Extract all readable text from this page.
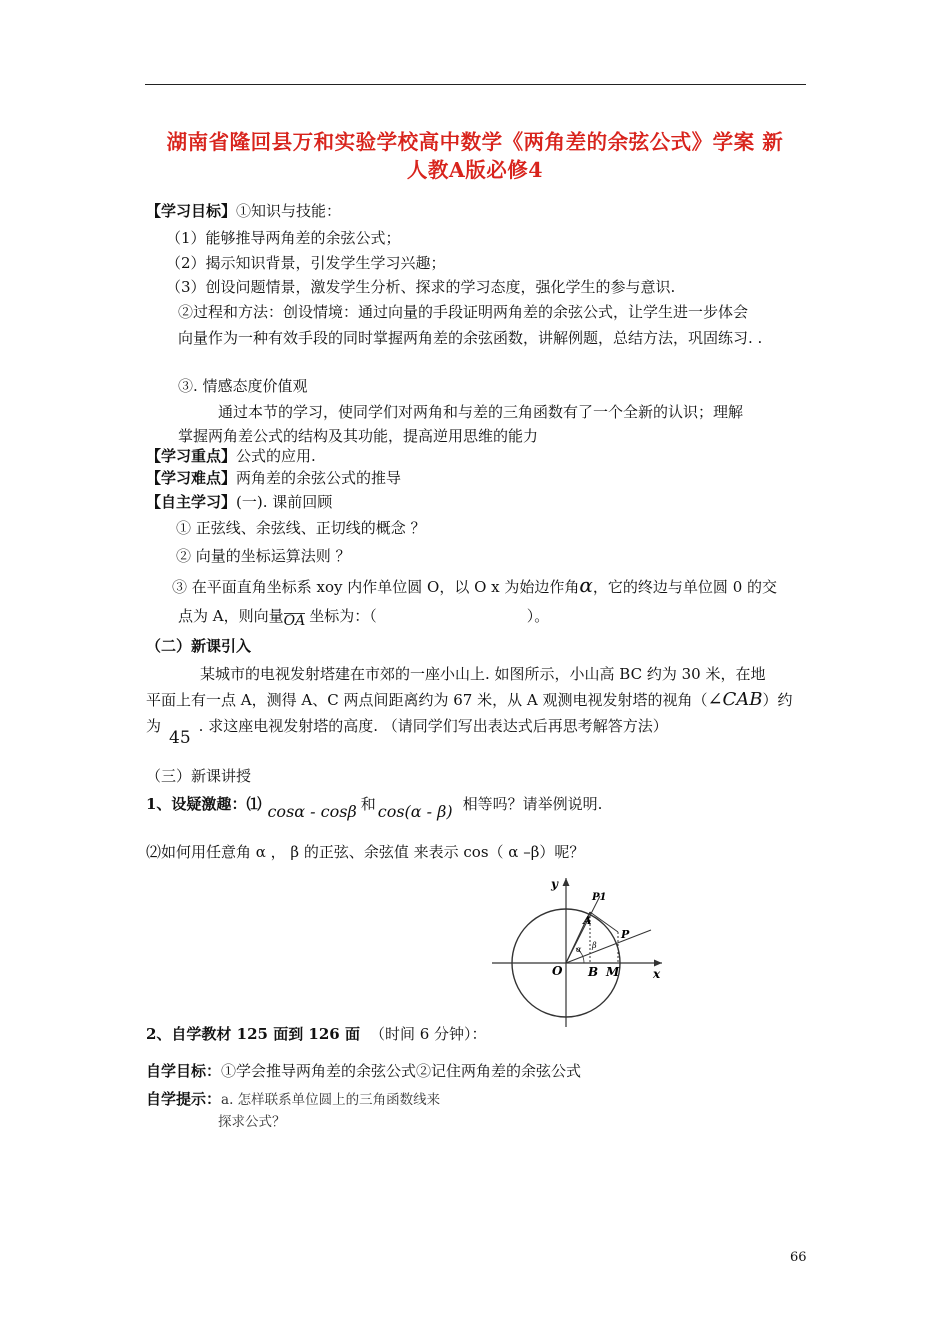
湖南省隆回县万和实验学校高中数学《两角差的余弦公式》学案 新
人教A版必修4
【学习目标】①知识与技能：
（1）能够推导两角差的余弦公式；
（2）揭示知识背景，引发学生学习兴趣；
（3）创设问题情景，激发学生分析、探求的学习态度，强化学生的参与意识.
②过程和方法：创设情境：通过向量的手段证明两角差的余弦公式，让学生进一步体会
向量作为一种有效手段的同时掌握两角差的余弦函数，讲解例题，总结方法，巩固练习. .
③. 情感态度价值观
通过本节的学习，使同学们对两角和与差的三角函数有了一个全新的认识；理解
掌握两角差公式的结构及其功能，提高逆用思维的能力
【学习重点】公式的应用.
【学习难点】两角差的余弦公式的推导
【自主学习】(一). 课前回顾
① 正弦线、余弦线、正切线的概念 ？
② 向量的坐标运算法则 ？
③ 在平面直角坐标系 xoy 内作单位圆 O，以 O x 为始边作角α，它的终边与单位圆 0 的交
点为 A，则向量OA 坐标为：（	）。
（二）新课引入
某城市的电视发射塔建在市郊的一座小山上. 如图所示，小山高 BC 约为 30 米，在地
平面上有一点 A，测得 A、C 两点间距离约为 67 米，从 A 观测电视发射塔的视角（∠CAB）约
为45. 求这座电视发射塔的高度. （请同学们写出表达式后再思考解答方法）
（三）新课讲授
1、设疑激趣：⑴ cosα - cosβ 和 cos(α - β) 相等吗？请举例说明.
⑵如何用任意角 α ， β 的正弦、余弦值 来表示 cos（ α –β）呢？
y
x
O
A
B M
P
P1
α β
2、自学教材 125 面到 126 面 （时间 6 分钟）：
自学目标：①学会推导两角差的余弦公式②记住两角差的余弦公式
自学提示：a. 怎样联系单位圆上的三角函数线来
探求公式？
66
